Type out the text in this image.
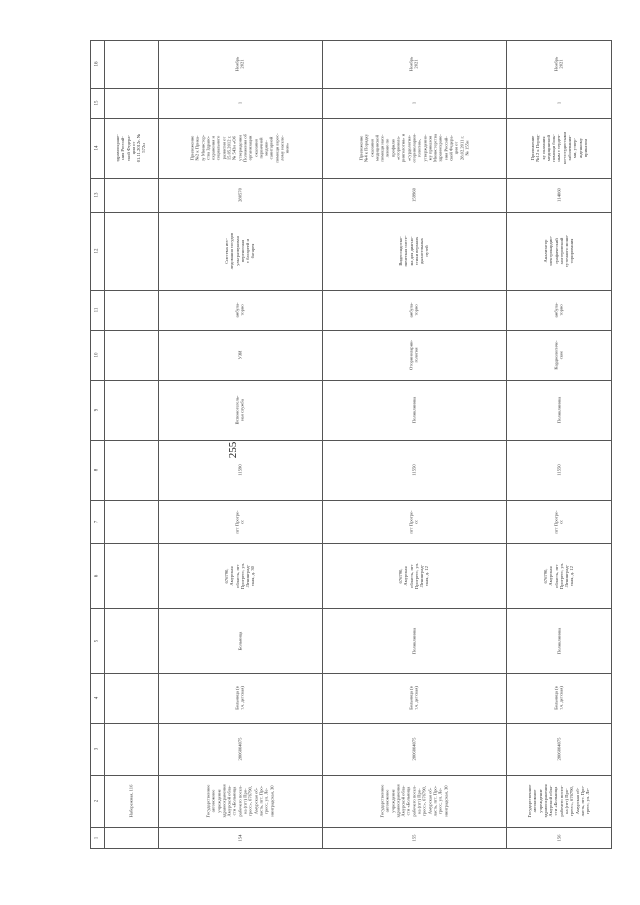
255
16
15
14
13
12
11
10
9
8
7
6
5
4
3
2
1
здравоохране-
ния Россий-
ской Федера-
ции от
01.11.2012г. №
572н
Набережная, 116
Ноябрь
2021
1
Приложение
№2 к Прика-
зу Министер-
ства Здраво-
охранения и
социального
развития от
15.05.2012 г.
№ 543н «Об
утверждении
Положения об
организации
оказания
первичной
медико-
санитарной
помощи взрос-
лому населе-
нию»
280570
Система исс-
ледования сосудов
ультразвуковая
переносная
с батареей и
батарея
амбула-
торно
УЗИ
Вспомогатель-
ная служба
11590
пгт Прогре-
сс
676790,
Амурская
область, пгт
Прогресс, ул.
Ленинград-
ская, д. 30
Больница
Больница (в
т.ч. детская)
2806004075
Государственное
автономное
учреждение
здравоохранения
Амурской обла-
сти «Больница
рабочего посел-
ка (пгт) Про-
гресс», 676790,
Амурская об-
ласть, пгт. Про-
гресс, ул. Ле-
нинградская, 30
154
Ноябрь
2021
1
Приложение
№4 к Порядку
оказания
медицинской
помощи насе-
лению по
профилю
«оторинола-
рингология» и
«сурдология-
оториноларин-
гология»,
утвержденно-
му приказом
Министерства
здравоохране-
ния Россий-
ской Федера-
ции от
28.02.2011 г.
№ 155н
159960
Видеоэндоско-
пическая систе-
ма для диагно-
стики верхних
дыхательных
путей
амбула-
торно
Оториноларин-
гология
Поликлиника
11550
пгт Прогре-
сс
676790,
Амурская
область, пгт
Прогресс, ул.
Ленинград-
ская, д. 12
Поликлиника
Больница (в
т.ч. детская)
2806004075
Государственное
автономное
учреждение
здравоохранения
Амурской обла-
сти «Больница
рабочего посел-
ка (пгт) Про-
гресс», 676790,
Амурская об-
ласть, пгт. Про-
гресс, ул. Ле-
нинградская, 30
155
Ноябрь
2021
1
Приложение
№12 к Поряд-
ку оказания
медицинской
помощи боль-
ным с сердеч-
но-сосудистыми
заболевания-
ми, утвер-
жденному
приказом
114060
Анализатор
электрокардио-
графический
холтеровский
суточного мони-
торирования
амбула-
торно
Кардиологиче-
ское
Поликлиника
11550
пгт Прогре-
сс
676790,
Амурская
область, пгт
Прогресс, ул.
Ленинград-
ская, д. 12
Поликлиника
Больница (в
т.ч. детская)
2806004075
Государственное
автономное
учреждение
здравоохранения
Амурской обла-
сти «Больница
рабочего посел-
ка (пгт) Про-
гресс», 676790,
Амурская об-
ласть, пгт. Про-
гресс, ул. Ле-
156
